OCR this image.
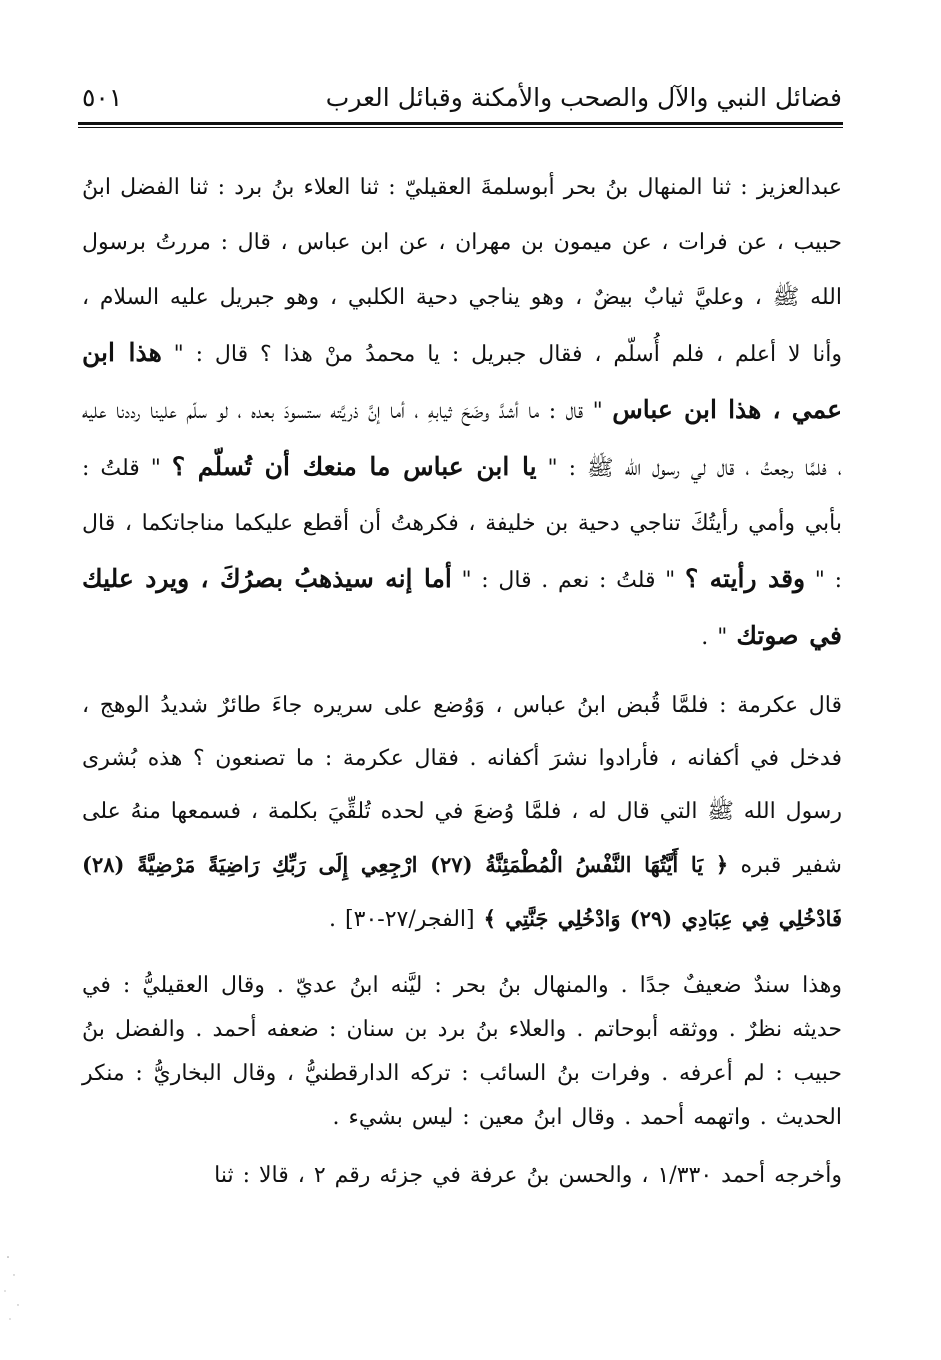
فضائل النبي والآل والصحب والأمكنة وقبائل العرب
٥٠١

عبدالعزيز : ثنا المنهال بنُ بحر أبوسلمةَ العقيليّ : ثنا العلاء بنُ برد : ثنا الفضل ابنُ حبيب ، عن فرات ، عن ميمون بن مهران ، عن ابن عباس ، قال : مررتُ برسول الله ﷺ ، وعليَّ ثيابٌ بيضٌ ، وهو يناجي دحية الكلبي ، وهو جبريل عليه السلام ، وأنا لا أعلم ، فلم أُسلّم ، فقال جبريل : يا محمدُ منْ هذا ؟ قال : " هذا ابن عمي ، هذا ابن عباس " قال : ما أشدَّ وضَحَ ثيابهِ ، أما إنَّ ذريَّته ستسودَ بعده ، لو سلّم علينا رددنا عليه ، فلمَّا رجعتُ ، قال لي رسول الله ﷺ : " يا ابن عباس ما منعك أن تُسلّم ؟ " قلتُ : بأبي وأمي رأيتُكَ تناجي دحية بن خليفة ، فكرهتُ أن أقطع عليكما مناجاتكما ، قال : " وقد رأيته ؟ " قلتُ : نعم . قال : " أما إنه سيذهبُ بصرُكَ ، ويرد عليك في صوتك " .

قال عكرمة : فلمَّا قُبض ابنُ عباس ، وَوُضع على سريره جاءَ طائرٌ شديدُ الوهج ، فدخل في أكفانه ، فأرادوا نشرَ أكفانه . فقال عكرمة : ما تصنعون ؟ هذه بُشرى رسول الله ﷺ التي قال له ، فلمَّا وُضعَ في لحده تُلقِّيَ بكلمة ، فسمعها منهُ على شفير قبره ﴿ يَا أَيَّتُهَا النَّفْسُ الْمُطْمَئِنَّةُ (٢٧) ارْجِعِي إِلَى رَبِّكِ رَاضِيَةً مَرْضِيَّةً (٢٨) فَادْخُلِي فِي عِبَادِي (٢٩) وَادْخُلِي جَنَّتِي ﴾ [الفجر/٢٧-٣٠] .

وهذا سندٌ ضعيفٌ جدًا . والمنهال بنُ بحر : ليَّنه ابنُ عديّ . وقال العقيليُّ : في حديثه نظرٌ . ووثقه أبوحاتم . والعلاء بنُ برد بن سنان : ضعفه أحمد . والفضل بنُ حبيب : لم أعرفه . وفرات بنُ السائب : تركه الدارقطنيُّ ، وقال البخاريُّ : منكر الحديث . واتهمه أحمد . وقال ابنُ معين : ليس بشيء .

وأخرجه أحمد ١/٣٣٠ ، والحسن بنُ عرفة في جزئه رقم ٢ ، قالا : ثنا
